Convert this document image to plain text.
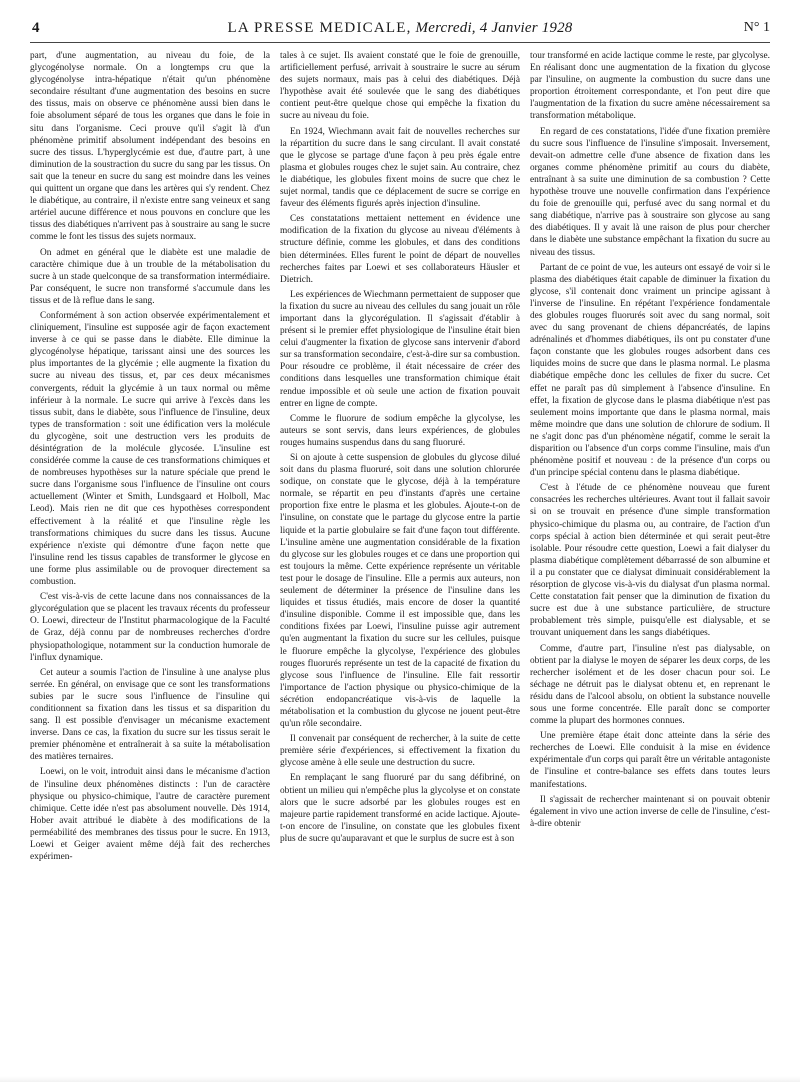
4	LA PRESSE MEDICALE, Mercredi, 4 Janvier 1928	N° 1

part, d'une augmentation, au niveau du foie, de la glycogénolyse normale. On a longtemps cru que la glycogénolyse intra-hépatique n'était qu'un phénomène secondaire résultant d'une augmentation des besoins en sucre des tissus, mais on observe ce phénomène aussi bien dans le foie absolument séparé de tous les organes que dans le foie in situ dans l'organisme. Ceci prouve qu'il s'agit là d'un phénomène primitif absolument indépendant des besoins en sucre des tissus. L'hyperglycémie est due, d'autre part, à une diminution de la soustraction du sucre du sang par les tissus. On sait que la teneur en sucre du sang est moindre dans les veines qui quittent un organe que dans les artères qui s'y rendent. Chez le diabétique, au contraire, il n'existe entre sang veineux et sang artériel aucune différence et nous pouvons en conclure que les tissus des diabétiques n'arrivent pas à soustraire au sang le sucre comme le font les tissus des sujets normaux.

On admet en général que le diabète est une maladie de caractère chimique due à un trouble de la métabolisation du sucre à un stade quelconque de sa transformation intermédiaire. Par conséquent, le sucre non transformé s'accumule dans les tissus et de là reflue dans le sang.

Conformément à son action observée expérimentalement et cliniquement, l'insuline est supposée agir de façon exactement inverse à ce qui se passe dans le diabète. Elle diminue la glycogénolyse hépatique, tarissant ainsi une des sources les plus importantes de la glycémie ; elle augmente la fixation du sucre au niveau des tissus, et, par ces deux mécanismes convergents, réduit la glycémie à un taux normal ou même inférieur à la normale. Le sucre qui arrive à l'excès dans les tissus subit, dans le diabète, sous l'influence de l'insuline, deux types de transformation : soit une édification vers la molécule du glycogène, soit une destruction vers les produits de désintégration de la molécule glycosée. L'insuline est considérée comme la cause de ces transformations chimiques et de nombreuses hypothèses sur la nature spéciale que prend le sucre dans l'organisme sous l'influence de l'insuline ont cours actuellement (Winter et Smith, Lundsgaard et Holboll, Mac Leod). Mais rien ne dit que ces hypothèses correspondent effectivement à la réalité et que l'insuline règle les transformations chimiques du sucre dans les tissus. Aucune expérience n'existe qui démontre d'une façon nette que l'insuline rend les tissus capables de transformer le glycose en une forme plus assimilable ou de provoquer directement sa combustion.

C'est vis-à-vis de cette lacune dans nos connaissances de la glycorégulation que se placent les travaux récents du professeur O. Loewi, directeur de l'Institut pharmacologique de la Faculté de Graz, déjà connu par de nombreuses recherches d'ordre physiopathologique, notamment sur la conduction humorale de l'influx dynamique.

Cet auteur a soumis l'action de l'insuline à une analyse plus serrée. En général, on envisage que ce sont les transformations subies par le sucre sous l'influence de l'insuline qui conditionnent sa fixation dans les tissus et sa disparition du sang. Il est possible d'envisager un mécanisme exactement inverse. Dans ce cas, la fixation du sucre sur les tissus serait le premier phénomène et entraînerait à sa suite la métabolisation des matières ternaires.

Loewi, on le voit, introduit ainsi dans le mécanisme d'action de l'insuline deux phénomènes distincts : l'un de caractère physique ou physico-chimique, l'autre de caractère purement chimique. Cette idée n'est pas absolument nouvelle. Dès 1914, Hober avait attribué le diabète à des modifications de la perméabilité des membranes des tissus pour le sucre. En 1913, Loewi et Geiger avaient même déjà fait des recherches expérimen-

tales à ce sujet. Ils avaient constaté que le foie de grenouille, artificiellement perfusé, arrivait à soustraire le sucre au sérum des sujets normaux, mais pas à celui des diabétiques. Déjà l'hypothèse avait été soulevée que le sang des diabétiques contient peut-être quelque chose qui empêche la fixation du sucre au niveau du foie.

En 1924, Wiechmann avait fait de nouvelles recherches sur la répartition du sucre dans le sang circulant. Il avait constaté que le glycose se partage d'une façon à peu près égale entre plasma et globules rouges chez le sujet sain. Au contraire, chez le diabétique, les globules fixent moins de sucre que chez le sujet normal, tandis que ce déplacement de sucre se corrige en faveur des éléments figurés après injection d'insuline.

Ces constatations mettaient nettement en évidence une modification de la fixation du glycose au niveau d'éléments à structure définie, comme les globules, et dans des conditions bien déterminées. Elles furent le point de départ de nouvelles recherches faites par Loewi et ses collaborateurs Häusler et Dietrich.

Les expériences de Wiechmann permettaient de supposer que la fixation du sucre au niveau des cellules du sang jouait un rôle important dans la glycorégulation. Il s'agissait d'établir à présent si le premier effet physiologique de l'insuline était bien celui d'augmenter la fixation de glycose sans intervenir d'abord sur sa transformation secondaire, c'est-à-dire sur sa combustion. Pour résoudre ce problème, il était nécessaire de créer des conditions dans lesquelles une transformation chimique était rendue impossible et où seule une action de fixation pouvait entrer en ligne de compte.

Comme le fluorure de sodium empêche la glycolyse, les auteurs se sont servis, dans leurs expériences, de globules rouges humains suspendus dans du sang fluoruré.

Si on ajoute à cette suspension de globules du glycose dilué soit dans du plasma fluoruré, soit dans une solution chlorurée sodique, on constate que le glycose, déjà à la température normale, se répartit en peu d'instants d'après une certaine proportion fixe entre le plasma et les globules. Ajoute-t-on de l'insuline, on constate que le partage du glycose entre la partie liquide et la partie globulaire se fait d'une façon tout différente. L'insuline amène une augmentation considérable de la fixation du glycose sur les globules rouges et ce dans une proportion qui est toujours la même. Cette expérience représente un véritable test pour le dosage de l'insuline. Elle a permis aux auteurs, non seulement de déterminer la présence de l'insuline dans les liquides et tissus étudiés, mais encore de doser la quantité d'insuline disponible. Comme il est impossible que, dans les conditions fixées par Loewi, l'insuline puisse agir autrement qu'en augmentant la fixation du sucre sur les cellules, puisque le fluorure empêche la glycolyse, l'expérience des globules rouges fluorurés représente un test de la capacité de fixation du glycose sous l'influence de l'insuline. Elle fait ressortir l'importance de l'action physique ou physico-chimique de la sécrétion endopancréatique vis-à-vis de laquelle la métabolisation et la combustion du glycose ne jouent peut-être qu'un rôle secondaire.

Il convenait par conséquent de rechercher, à la suite de cette première série d'expériences, si effectivement la fixation du glycose amène à elle seule une destruction du sucre.

En remplaçant le sang fluoruré par du sang défibriné, on obtient un milieu qui n'empêche plus la glycolyse et on constate alors que le sucre adsorbé par les globules rouges est en majeure partie rapidement transformé en acide lactique. Ajoute-t-on encore de l'insuline, on constate que les globules fixent plus de sucre qu'auparavant et que le surplus de sucre est à son

tour transformé en acide lactique comme le reste, par glycolyse. En réalisant donc une augmentation de la fixation du glycose par l'insuline, on augmente la combustion du sucre dans une proportion étroitement correspondante, et l'on peut dire que l'augmentation de la fixation du sucre amène nécessairement sa transformation métabolique.

En regard de ces constatations, l'idée d'une fixation première du sucre sous l'influence de l'insuline s'imposait. Inversement, devait-on admettre celle d'une absence de fixation dans les organes comme phénomène primitif au cours du diabète, entraînant à sa suite une diminution de sa combustion ? Cette hypothèse trouve une nouvelle confirmation dans l'expérience du foie de grenouille qui, perfusé avec du sang normal et du sang diabétique, n'arrive pas à soustraire son glycose au sang des diabétiques. Il y avait là une raison de plus pour chercher dans le diabète une substance empêchant la fixation du sucre au niveau des tissus.

Partant de ce point de vue, les auteurs ont essayé de voir si le plasma des diabétiques était capable de diminuer la fixation du glycose, s'il contenait donc vraiment un principe agissant à l'inverse de l'insuline. En répétant l'expérience fondamentale des globules rouges fluorurés soit avec du sang normal, soit avec du sang provenant de chiens dépancréatés, de lapins adrénalinés et d'hommes diabétiques, ils ont pu constater d'une façon constante que les globules rouges adsorbent dans ces liquides moins de sucre que dans le plasma normal. Le plasma diabétique empêche donc les cellules de fixer du sucre. Cet effet ne paraît pas dû simplement à l'absence d'insuline. En effet, la fixation de glycose dans le plasma diabétique n'est pas seulement moins importante que dans le plasma normal, mais même moindre que dans une solution de chlorure de sodium. Il ne s'agit donc pas d'un phénomène négatif, comme le serait la disparition ou l'absence d'un corps comme l'insuline, mais d'un phénomène positif et nouveau : de la présence d'un corps ou d'un principe spécial contenu dans le plasma diabétique.

C'est à l'étude de ce phénomène nouveau que furent consacrées les recherches ultérieures. Avant tout il fallait savoir si on se trouvait en présence d'une simple transformation physico-chimique du plasma ou, au contraire, de l'action d'un corps spécial à action bien déterminée et qui serait peut-être isolable. Pour résoudre cette question, Loewi a fait dialyser du plasma diabétique complètement débarrassé de son albumine et il a pu constater que ce dialysat diminuait considérablement la résorption de glycose vis-à-vis du dialysat d'un plasma normal. Cette constatation fait penser que la diminution de fixation du sucre est due à une substance particulière, de structure probablement très simple, puisqu'elle est dialysable, et se trouvant uniquement dans les sangs diabétiques.

Comme, d'autre part, l'insuline n'est pas dialysable, on obtient par la dialyse le moyen de séparer les deux corps, de les rechercher isolément et de les doser chacun pour soi. Le séchage ne détruit pas le dialysat obtenu et, en reprenant le résidu dans de l'alcool absolu, on obtient la substance nouvelle sous une forme concentrée. Elle paraît donc se comporter comme la plupart des hormones connues.

Une première étape était donc atteinte dans la série des recherches de Loewi. Elle conduisit à la mise en évidence expérimentale d'un corps qui paraît être un véritable antagoniste de l'insuline et contre-balance ses effets dans toutes leurs manifestations.

Il s'agissait de rechercher maintenant si on pouvait obtenir également in vivo une action inverse de celle de l'insuline, c'est-à-dire obtenir
